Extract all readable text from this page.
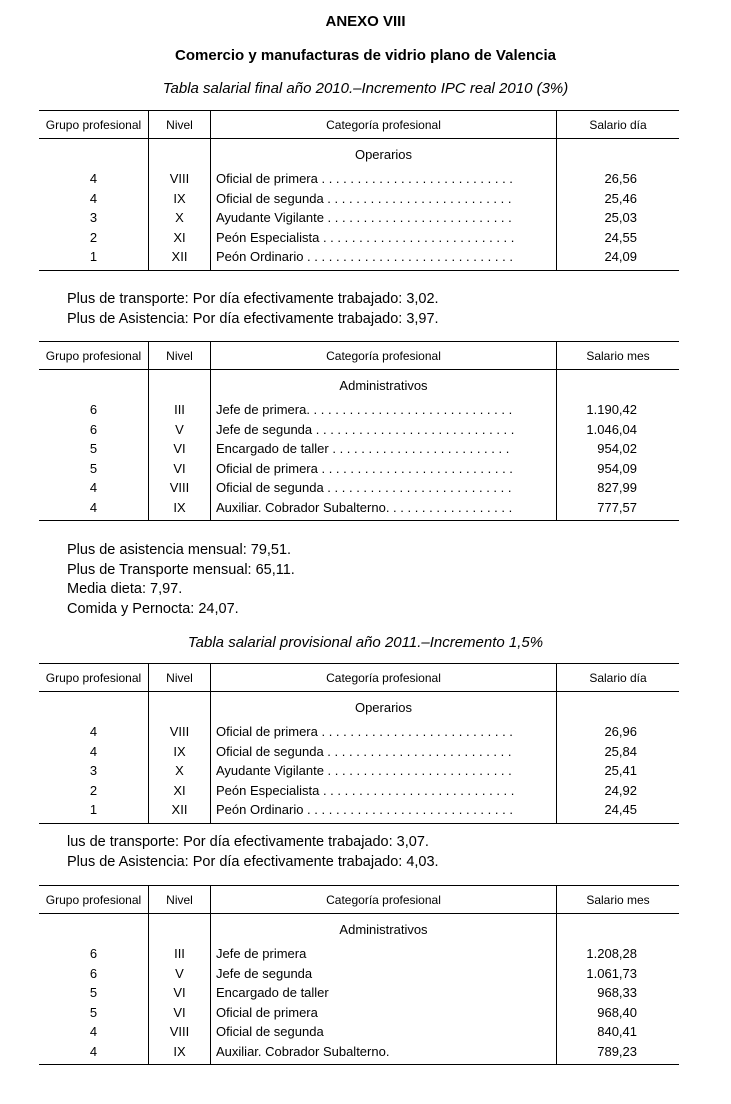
ANEXO VIII
Comercio y manufacturas de vidrio plano de Valencia
Tabla salarial final año 2010.–Incremento IPC real 2010 (3%)
Grupo profesional	Nivel	Categoría profesional	Salario día
		Operarios	
4	VIII	Oficial de primera . . . . . . . . . . . . . . . . . . . . . . . . . . .	26,56
4	IX	Oficial de segunda . . . . . . . . . . . . . . . . . . . . . . . . . .	25,46
3	X	Ayudante Vigilante . . . . . . . . . . . . . . . . . . . . . . . . . .	25,03
2	XI	Peón Especialista . . . . . . . . . . . . . . . . . . . . . . . . . . .	24,55
1	XII	Peón Ordinario . . . . . . . . . . . . . . . . . . . . . . . . . . . . .	24,09
Plus de transporte: Por día efectivamente trabajado: 3,02.
Plus de Asistencia: Por día efectivamente trabajado: 3,97.
Grupo profesional	Nivel	Categoría profesional	Salario mes
		Administrativos	
6	III	Jefe de primera. . . . . . . . . . . . . . . . . . . . . . . . . . . . .	1.190,42
6	V	Jefe de segunda . . . . . . . . . . . . . . . . . . . . . . . . . . . .	1.046,04
5	VI	Encargado de taller . . . . . . . . . . . . . . . . . . . . . . . . .	954,02
5	VI	Oficial de primera . . . . . . . . . . . . . . . . . . . . . . . . . . .	954,09
4	VIII	Oficial de segunda . . . . . . . . . . . . . . . . . . . . . . . . . .	827,99
4	IX	Auxiliar. Cobrador Subalterno. . . . . . . . . . . . . . . . . .	777,57
Plus de asistencia mensual: 79,51.
Plus de Transporte mensual: 65,11.
Media dieta: 7,97.
Comida y Pernocta: 24,07.
Tabla salarial provisional año 2011.–Incremento 1,5%
Grupo profesional	Nivel	Categoría profesional	Salario día
		Operarios	
4	VIII	Oficial de primera . . . . . . . . . . . . . . . . . . . . . . . . . . .	26,96
4	IX	Oficial de segunda . . . . . . . . . . . . . . . . . . . . . . . . . .	25,84
3	X	Ayudante Vigilante . . . . . . . . . . . . . . . . . . . . . . . . . .	25,41
2	XI	Peón Especialista . . . . . . . . . . . . . . . . . . . . . . . . . . .	24,92
1	XII	Peón Ordinario . . . . . . . . . . . . . . . . . . . . . . . . . . . . .	24,45
lus de transporte: Por día efectivamente trabajado: 3,07.
Plus de Asistencia: Por día efectivamente trabajado: 4,03.
Grupo profesional	Nivel	Categoría profesional	Salario mes
		Administrativos	
6	III	Jefe de primera	1.208,28
6	V	Jefe de segunda	1.061,73
5	VI	Encargado de taller	968,33
5	VI	Oficial de primera	968,40
4	VIII	Oficial de segunda	840,41
4	IX	Auxiliar. Cobrador Subalterno.	789,23
